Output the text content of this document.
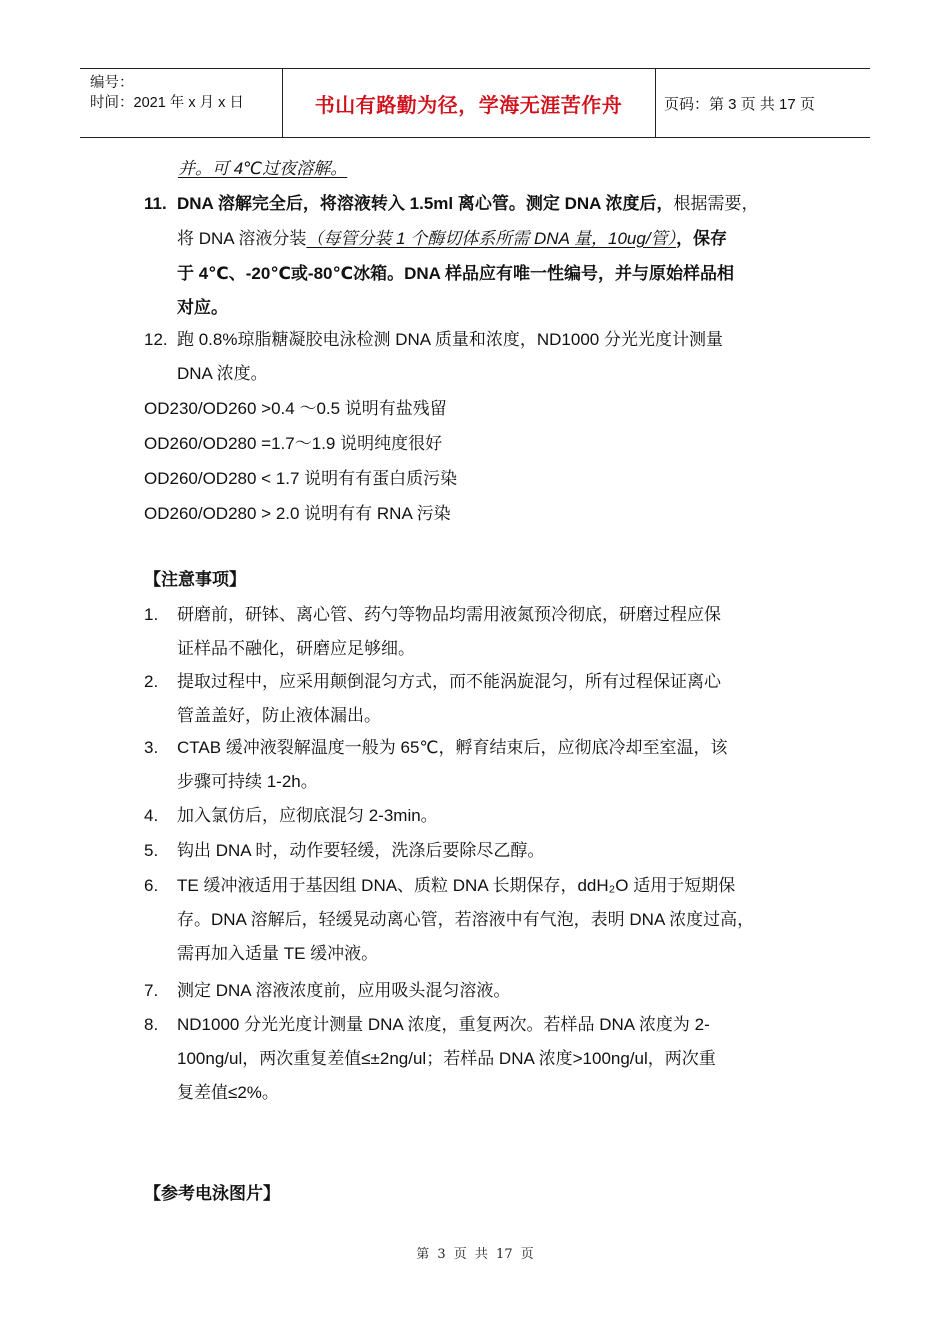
编号：
时间：2021 年 x 月 x 日	书山有路勤为径，学海无涯苦作舟	页码：第 3 页 共 17 页
并。可 4℃过夜溶解。
11. DNA 溶解完全后，将溶液转入 1.5ml 离心管。测定 DNA 浓度后，根据需要，
将 DNA 溶液分装（每管分装 1 个酶切体系所需 DNA 量，10ug/管），保存
于 4℃、-20℃或-80℃冰箱。DNA 样品应有唯一性编号，并与原始样品相
对应。
12. 跑 0.8%琼脂糖凝胶电泳检测 DNA 质量和浓度，ND1000 分光光度计测量
DNA 浓度。
OD230/OD260 >0.4 ～0.5 说明有盐残留
OD260/OD280 =1.7～1.9 说明纯度很好
OD260/OD280 < 1.7 说明有有蛋白质污染
OD260/OD280 > 2.0 说明有有 RNA 污染
【注意事项】
1. 研磨前，研钵、离心管、药勺等物品均需用液氮预冷彻底，研磨过程应保
证样品不融化，研磨应足够细。
2. 提取过程中，应采用颠倒混匀方式，而不能涡旋混匀，所有过程保证离心
管盖盖好，防止液体漏出。
3. CTAB 缓冲液裂解温度一般为 65℃，孵育结束后，应彻底冷却至室温，该
步骤可持续 1-2h。
4. 加入氯仿后，应彻底混匀 2-3min。
5. 钩出 DNA 时，动作要轻缓，洗涤后要除尽乙醇。
6. TE 缓冲液适用于基因组 DNA、质粒 DNA 长期保存，ddH₂O 适用于短期保
存。DNA 溶解后，轻缓晃动离心管，若溶液中有气泡，表明 DNA 浓度过高，
需再加入适量 TE 缓冲液。
7. 测定 DNA 溶液浓度前，应用吸头混匀溶液。
8. ND1000 分光光度计测量 DNA 浓度，重复两次。若样品 DNA 浓度为 2-
100ng/ul，两次重复差值≤±2ng/ul；若样品 DNA 浓度>100ng/ul，两次重
复差值≤2%。
【参考电泳图片】
第 3 页 共 17 页
